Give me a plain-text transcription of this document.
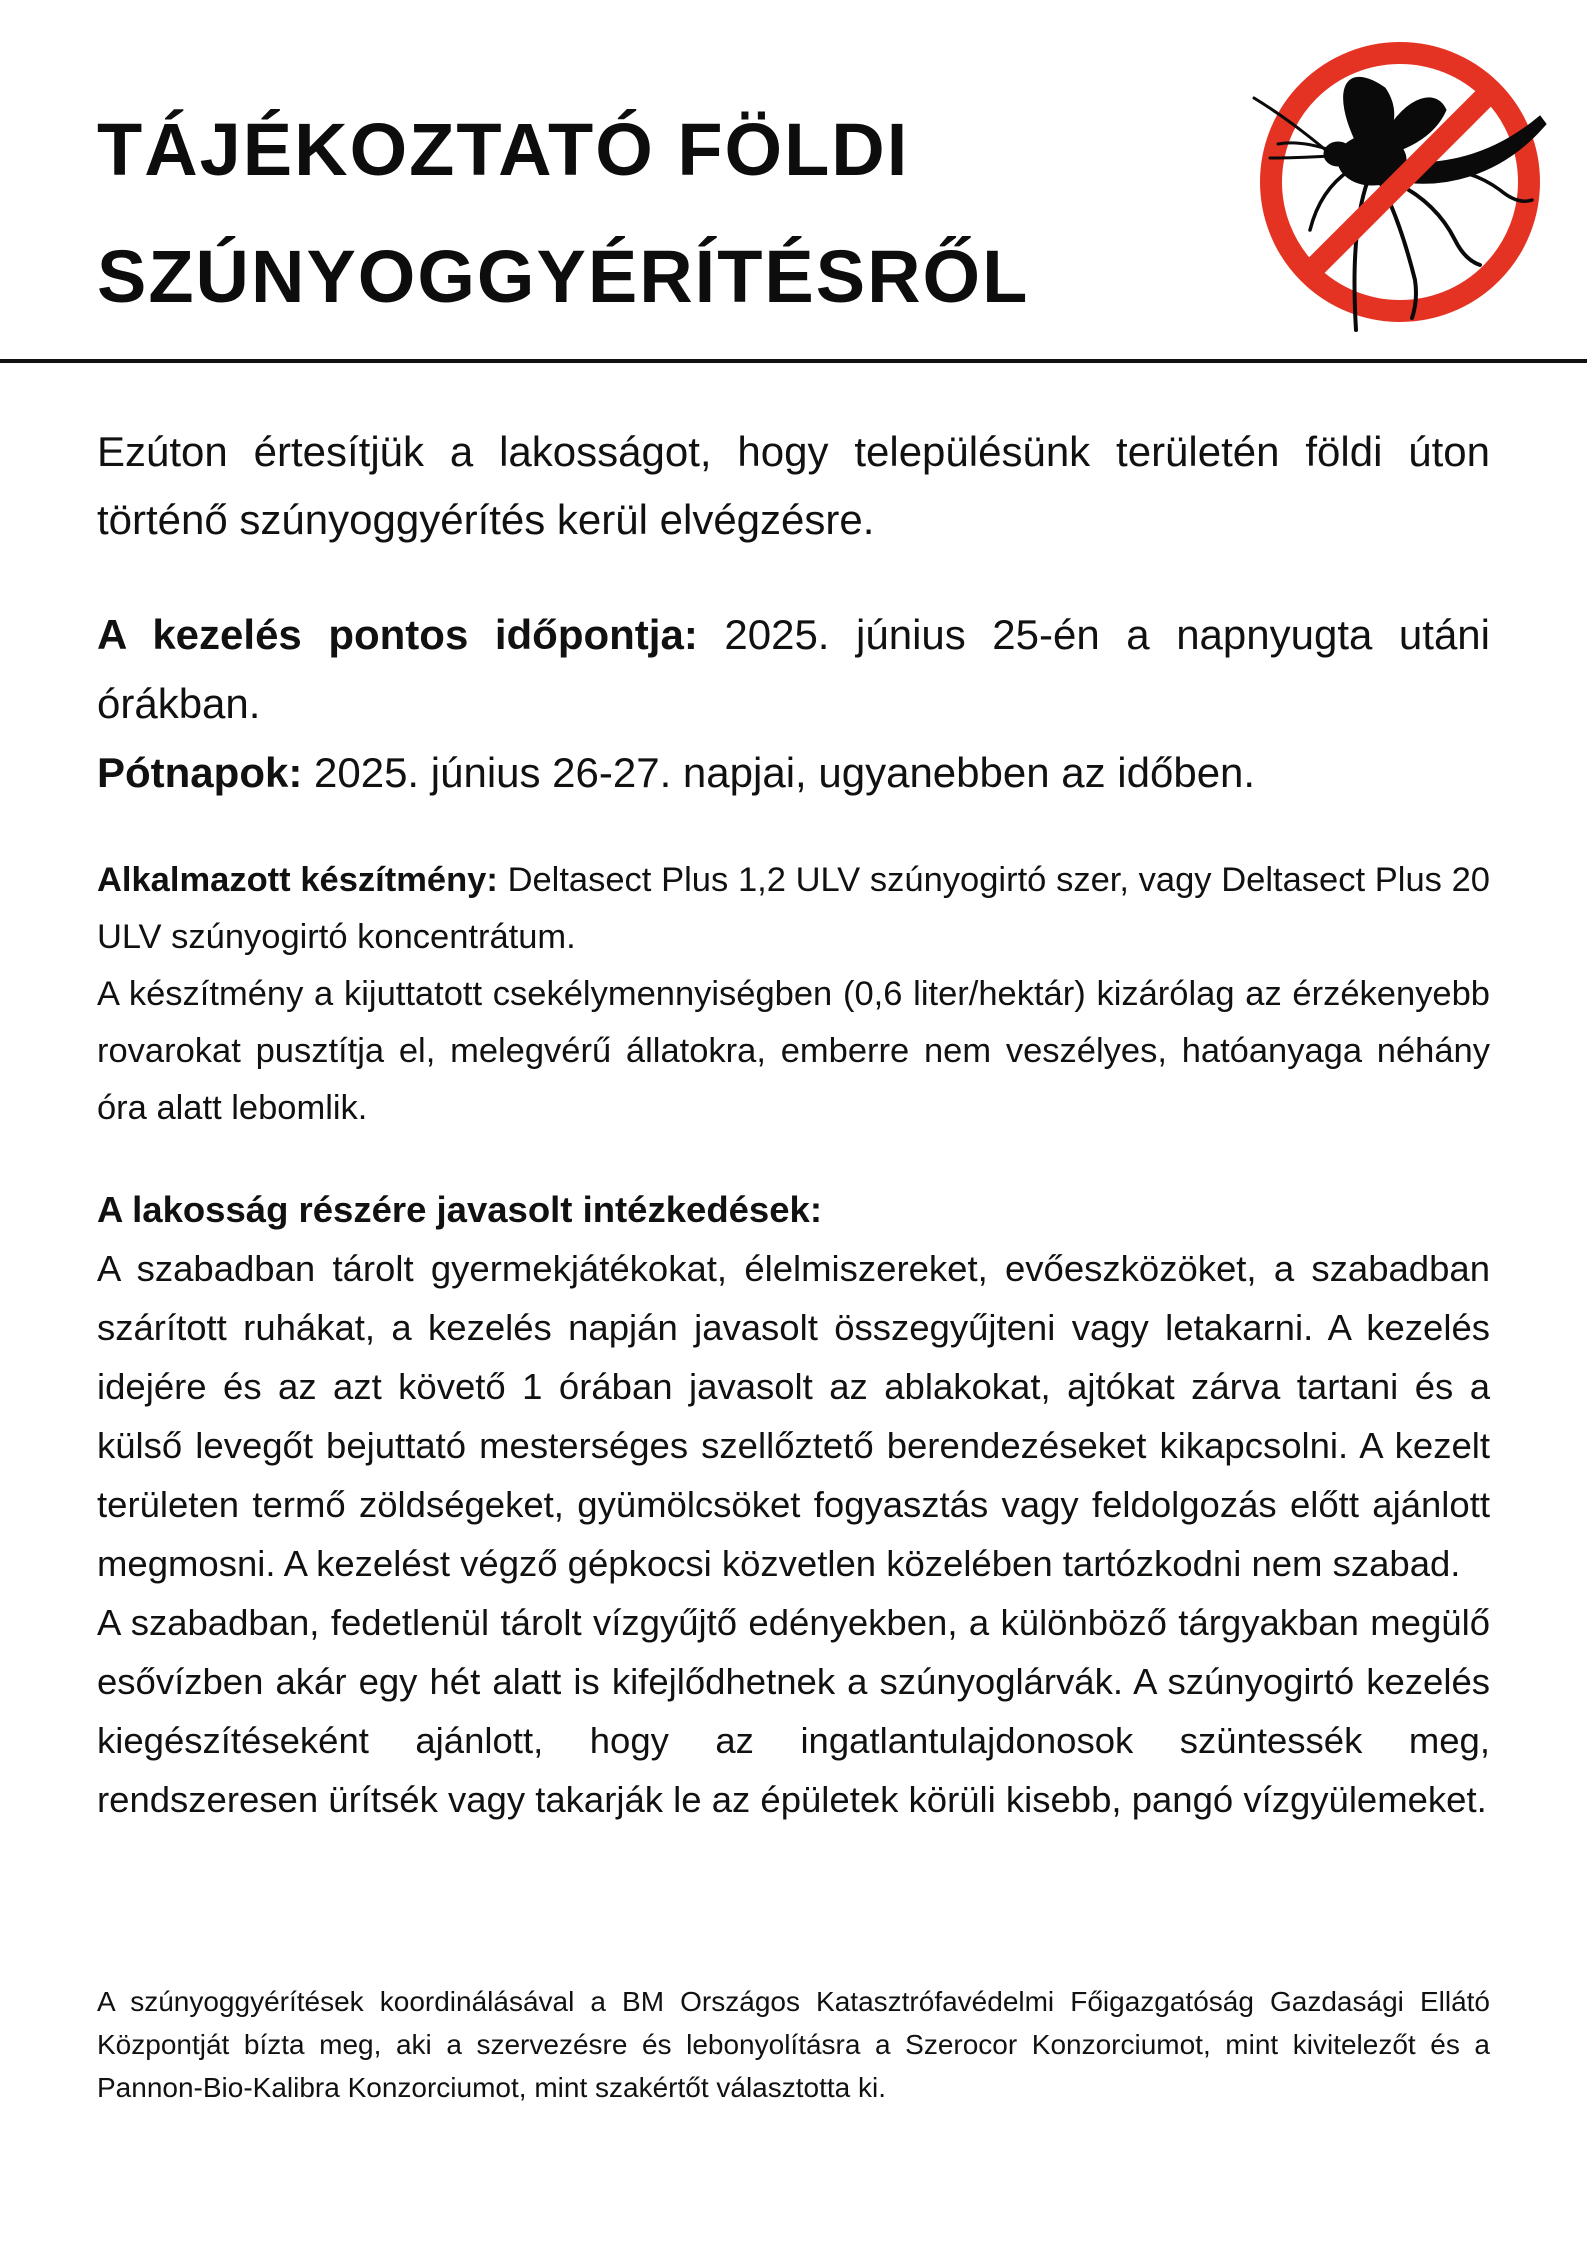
TÁJÉKOZTATÓ FÖLDI
SZÚNYOGGYÉRÍTÉSRŐL

Ezúton értesítjük a lakosságot, hogy településünk területén földi úton történő szúnyoggyérítés kerül elvégzésre.

A kezelés pontos időpontja: 2025. június 25-én a napnyugta utáni órákban.

Pótnapok: 2025. június 26-27. napjai, ugyanebben az időben.

Alkalmazott készítmény: Deltasect Plus 1,2 ULV szúnyogirtó szer, vagy Deltasect Plus 20 ULV szúnyogirtó koncentrátum.

A készítmény a kijuttatott csekélymennyiségben (0,6 liter/hektár) kizárólag az érzékenyebb rovarokat pusztítja el, melegvérű állatokra, emberre nem veszélyes, hatóanyaga néhány óra alatt lebomlik.

A lakosság részére javasolt intézkedések:

A szabadban tárolt gyermekjátékokat, élelmiszereket, evőeszközöket, a szabadban szárított ruhákat, a kezelés napján javasolt összegyűjteni vagy letakarni. A kezelés idejére és az azt követő 1 órában javasolt az ablakokat, ajtókat zárva tartani és a külső levegőt bejuttató mesterséges szellőztető berendezéseket kikapcsolni. A kezelt területen termő zöldségeket, gyümölcsöket fogyasztás vagy feldolgozás előtt ajánlott megmosni. A kezelést végző gépkocsi közvetlen közelében tartózkodni nem szabad.

A szabadban, fedetlenül tárolt vízgyűjtő edényekben, a különböző tárgyakban megülő esővízben akár egy hét alatt is kifejlődhetnek a szúnyoglárvák. A szúnyogirtó kezelés kiegészítéseként ajánlott, hogy az ingatlantulajdonosok szüntessék meg, rendszeresen ürítsék vagy takarják le az épületek körüli kisebb, pangó vízgyülemeket.

A szúnyoggyérítések koordinálásával a BM Országos Katasztrófavédelmi Főigazgatóság Gazdasági Ellátó Központját bízta meg, aki a szervezésre és lebonyolításra a Szerocor Konzorciumot, mint kivitelezőt és a Pannon-Bio-Kalibra Konzorciumot, mint szakértőt választotta ki.
